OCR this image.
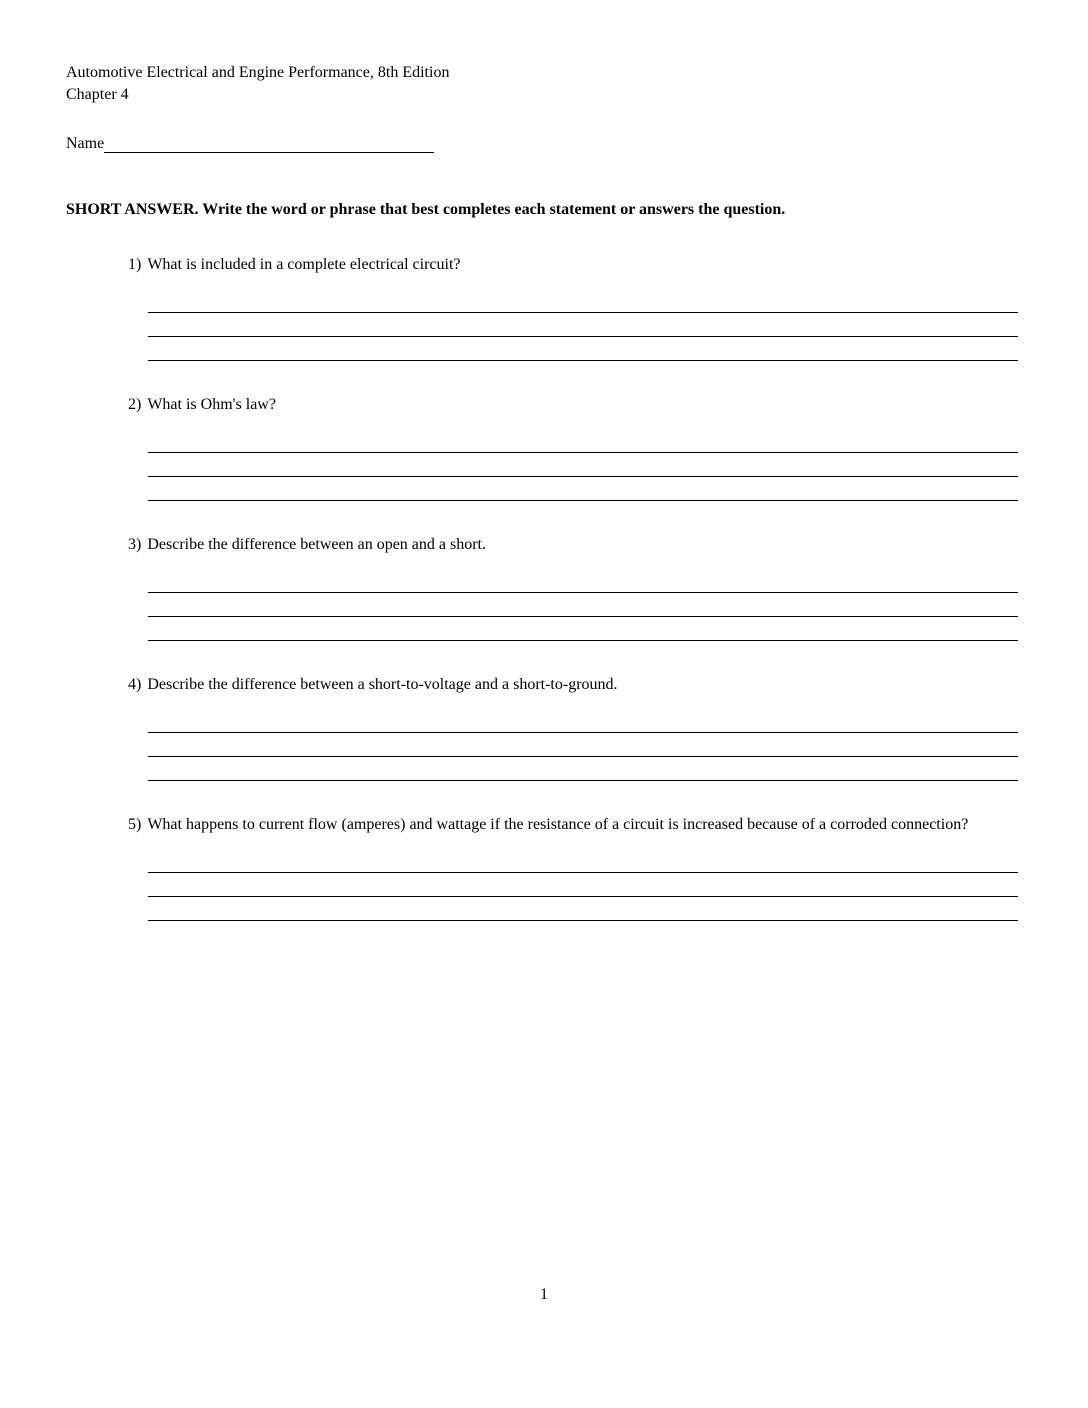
Automotive Electrical and Engine Performance, 8th Edition
Chapter 4
Name
SHORT ANSWER. Write the word or phrase that best completes each statement or answers the question.
1) What is included in a complete electrical circuit?
2) What is Ohm's law?
3) Describe the difference between an open and a short.
4) Describe the difference between a short-to-voltage and a short-to-ground.
5) What happens to current flow (amperes) and wattage if the resistance of a circuit is increased because of a corroded connection?
1
